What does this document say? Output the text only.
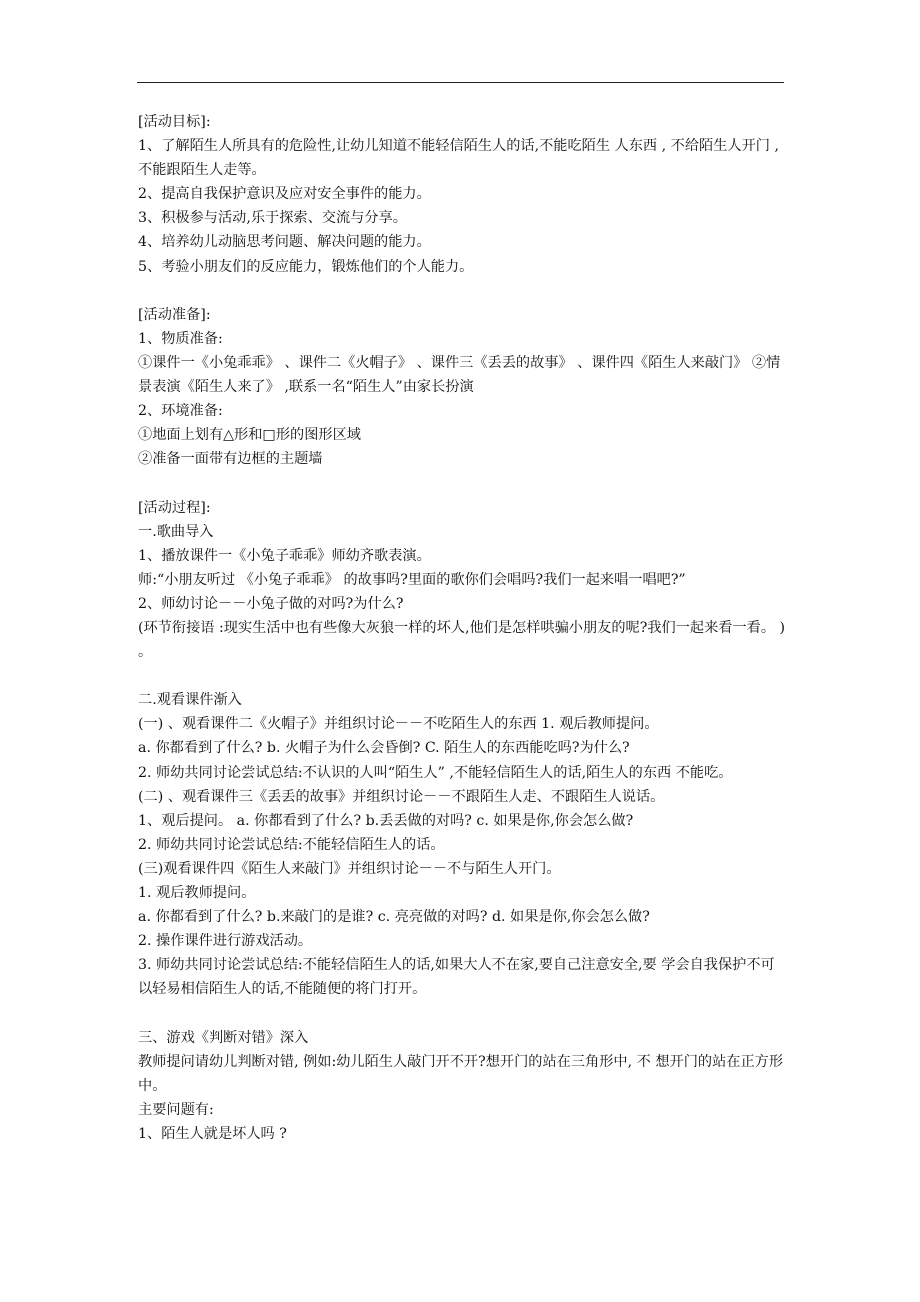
[活动目标]:
1、了解陌生人所具有的危险性,让幼儿知道不能轻信陌生人的话,不能吃陌生 人东西 , 不给陌生人开门 ,不能跟陌生人走等。
2、提高自我保护意识及应对安全事件的能力。
3、积极参与活动,乐于探索、交流与分享。
4、培养幼儿动脑思考问题、解决问题的能力。
5、考验小朋友们的反应能力，锻炼他们的个人能力。
[活动准备]:
1、物质准备:
①课件一《小兔乖乖》 、课件二《火帽子》 、课件三《丢丢的故事》 、课件四《陌生人来敲门》 ②情景表演《陌生人来了》 ,联系一名“陌生人”由家长扮演
2、环境准备:
①地面上划有△形和□形的图形区域
②准备一面带有边框的主题墙
[活动过程]:
一.歌曲导入
1、播放课件一《小兔子乖乖》师幼齐歌表演。
师:“小朋友听过 《小兔子乖乖》 的故事吗?里面的歌你们会唱吗?我们一起来唱一唱吧?”
2、师幼讨论－－小兔子做的对吗?为什么?
(环节衔接语 :现实生活中也有些像大灰狼一样的坏人,他们是怎样哄骗小朋友的呢?我们一起来看一看。 ) 。
二.观看课件渐入
(一) 、观看课件二《火帽子》并组织讨论－－不吃陌生人的东西 1. 观后教师提问。
a. 你都看到了什么? b. 火帽子为什么会昏倒? C. 陌生人的东西能吃吗?为什么?
2. 师幼共同讨论尝试总结:不认识的人叫“陌生人” ,不能轻信陌生人的话,陌生人的东西 不能吃。
(二) 、观看课件三《丢丢的故事》并组织讨论－－不跟陌生人走、不跟陌生人说话。
1、观后提问。 a. 你都看到了什么? b.丢丢做的对吗? c. 如果是你,你会怎么做?
2. 师幼共同讨论尝试总结:不能轻信陌生人的话。
(三)观看课件四《陌生人来敲门》并组织讨论－－不与陌生人开门。
1. 观后教师提问。
a. 你都看到了什么? b.来敲门的是谁? c. 亮亮做的对吗? d. 如果是你,你会怎么做?
2. 操作课件进行游戏活动。
3. 师幼共同讨论尝试总结:不能轻信陌生人的话,如果大人不在家,要自己注意安全,要 学会自我保护不可以轻易相信陌生人的话,不能随便的将门打开。
三、游戏《判断对错》深入
教师提问请幼儿判断对错, 例如:幼儿陌生人敲门开不开?想开门的站在三角形中, 不 想开门的站在正方形中。
主要问题有:
1、陌生人就是坏人吗 ?
